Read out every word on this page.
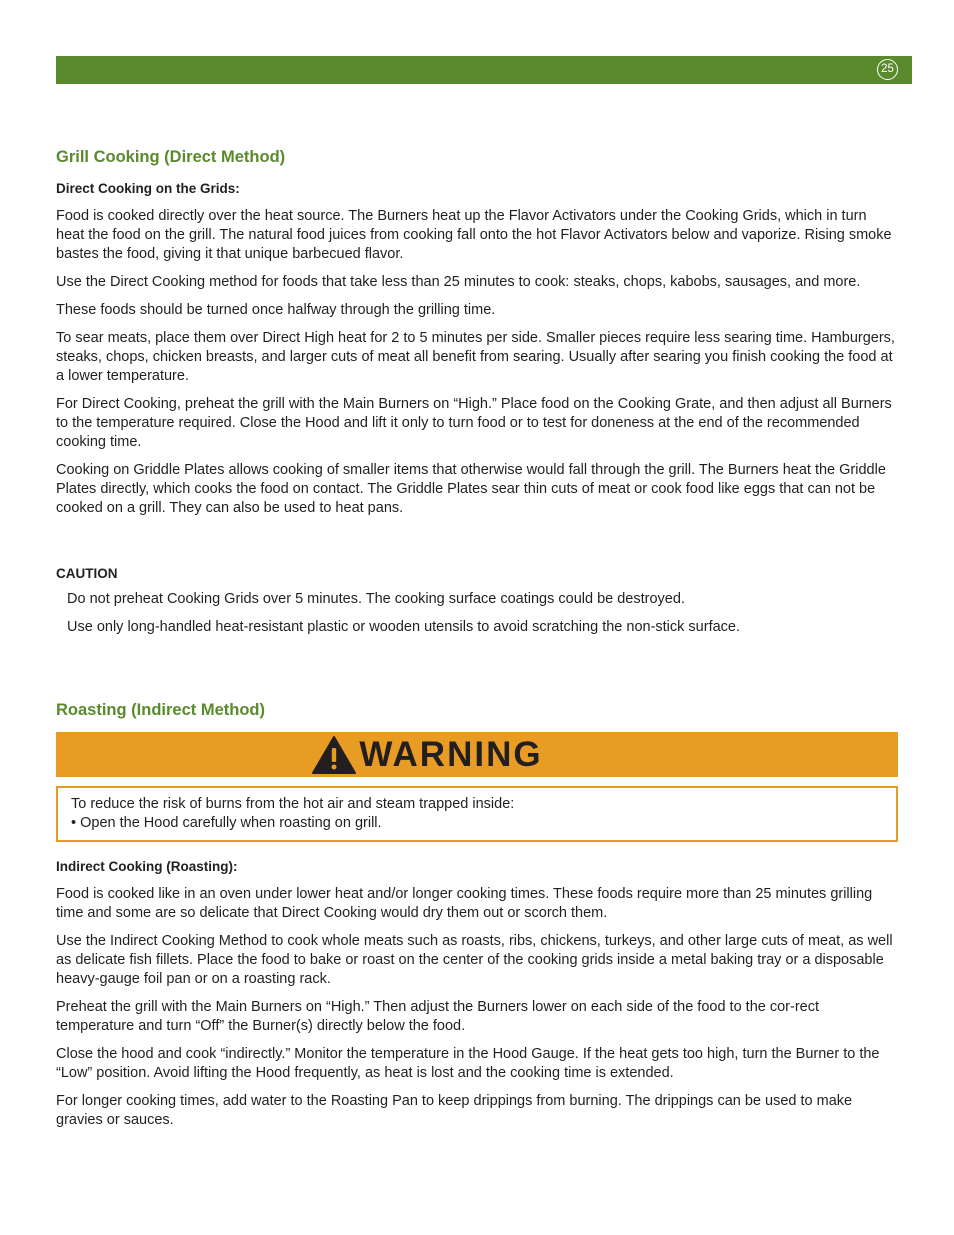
25
Grill Cooking (Direct Method)
Direct Cooking on the Grids:

Food is cooked directly over the heat source. The Burners heat up the Flavor Activators under the Cooking Grids, which in turn heat the food on the grill. The natural food juices from cooking fall onto the hot Flavor Activators below and vaporize. Rising smoke bastes the food, giving it that unique barbecued flavor.

Use the Direct Cooking method for foods that take less than 25 minutes to cook: steaks, chops, kabobs, sausages, and more.

These foods should be turned once halfway through the grilling time.

To sear meats, place them over Direct High heat for 2 to 5 minutes per side. Smaller pieces require less searing time. Hamburgers, steaks, chops, chicken breasts, and larger cuts of meat all benefit from searing. Usually after searing you finish cooking the food at a lower temperature.

For Direct Cooking, preheat the grill with the Main Burners on “High.” Place food on the Cooking Grate, and then adjust all Burners to the temperature required. Close the Hood and lift it only to turn food or to test for doneness at the end of the recommended cooking time.

Cooking on Griddle Plates allows cooking of smaller items that otherwise would fall through the grill. The Burners heat the Griddle Plates directly, which cooks the food on contact. The Griddle Plates sear thin cuts of meat or cook food like eggs that can not be cooked on a grill. They can also be used to heat pans.

CAUTION
Do not preheat Cooking Grids over 5 minutes. The cooking surface coatings could be destroyed.
Use only long-handled heat-resistant plastic or wooden utensils to avoid scratching the non-stick surface.
Roasting (Indirect Method)
WARNING
To reduce the risk of burns from the hot air and steam trapped inside:
• Open the Hood carefully when roasting on grill.
Indirect Cooking (Roasting):

Food is cooked like in an oven under lower heat and/or longer cooking times. These foods require more than 25 minutes grilling time and some are so delicate that Direct Cooking would dry them out or scorch them.

Use the Indirect Cooking Method to cook whole meats such as roasts, ribs, chickens, turkeys, and other large cuts of meat, as well as delicate fish fillets. Place the food to bake or roast on the center of the cooking grids inside a metal baking tray or a disposable heavy-gauge foil pan or on a roasting rack.

Preheat the grill with the Main Burners on “High.” Then adjust the Burners lower on each side of the food to the cor-rect temperature and turn “Off” the Burner(s) directly below the food.

Close the hood and cook “indirectly.” Monitor the temperature in the Hood Gauge. If the heat gets too high, turn the Burner to the “Low” position. Avoid lifting the Hood frequently, as heat is lost and the cooking time is extended.

For longer cooking times, add water to the Roasting Pan to keep drippings from burning. The drippings can be used to make gravies or sauces.
